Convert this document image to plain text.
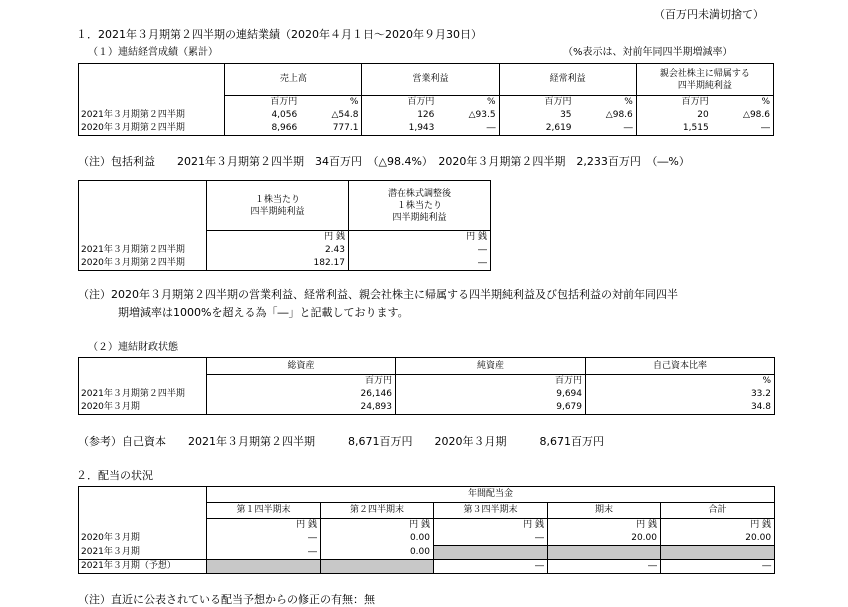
（百万円未満切捨て）
１．2021年３月期第２四半期の連結業績（2020年４月１日～2020年９月30日）
（１）連結経営成績（累計）	（%表示は、対前年同四半期増減率）
	売上高		営業利益		経常利益		親会社株主に帰属する
四半期純利益	
	百万円	%	百万円	%	百万円	%	百万円	%
2021年３月期第２四半期	4,056	△54.8	126	△93.5	35	△98.6	20	△98.6
2020年３月期第２四半期	8,966	777.1	1,943	―	2,619	―	1,515	―
（注）包括利益　　2021年３月期第２四半期　34百万円　（△98.4%）　2020年３月期第２四半期　2,233百万円　（―%）
	１株当たり
四半期純利益	潜在株式調整後
１株当たり
四半期純利益
	円 銭	円 銭
2021年３月期第２四半期	2.43	―
2020年３月期第２四半期	182.17	―
（注）2020年３月期第２四半期の営業利益、経常利益、親会社株主に帰属する四半期純利益及び包括利益の対前年同四半
期増減率は1000%を超える為「―」と記載しております。
（２）連結財政状態
	総資産	純資産	自己資本比率
	百万円	百万円	%
2021年３月期第２四半期	26,146	9,694	33.2
2020年３月期	24,893	9,679	34.8
（参考）自己資本　　2021年３月期第２四半期　　　8,671百万円　　2020年３月期　　　8,671百万円
２．配当の状況
	年間配当金				
	第１四半期末	第２四半期末	第３四半期末	期末	合計
	円 銭	円 銭	円 銭	円 銭	円 銭
2020年３月期	―	0.00	―	20.00	20.00
2021年３月期	―	0.00			
2021年３月期（予想）			―	―	―
（注）直近に公表されている配当予想からの修正の有無：無
